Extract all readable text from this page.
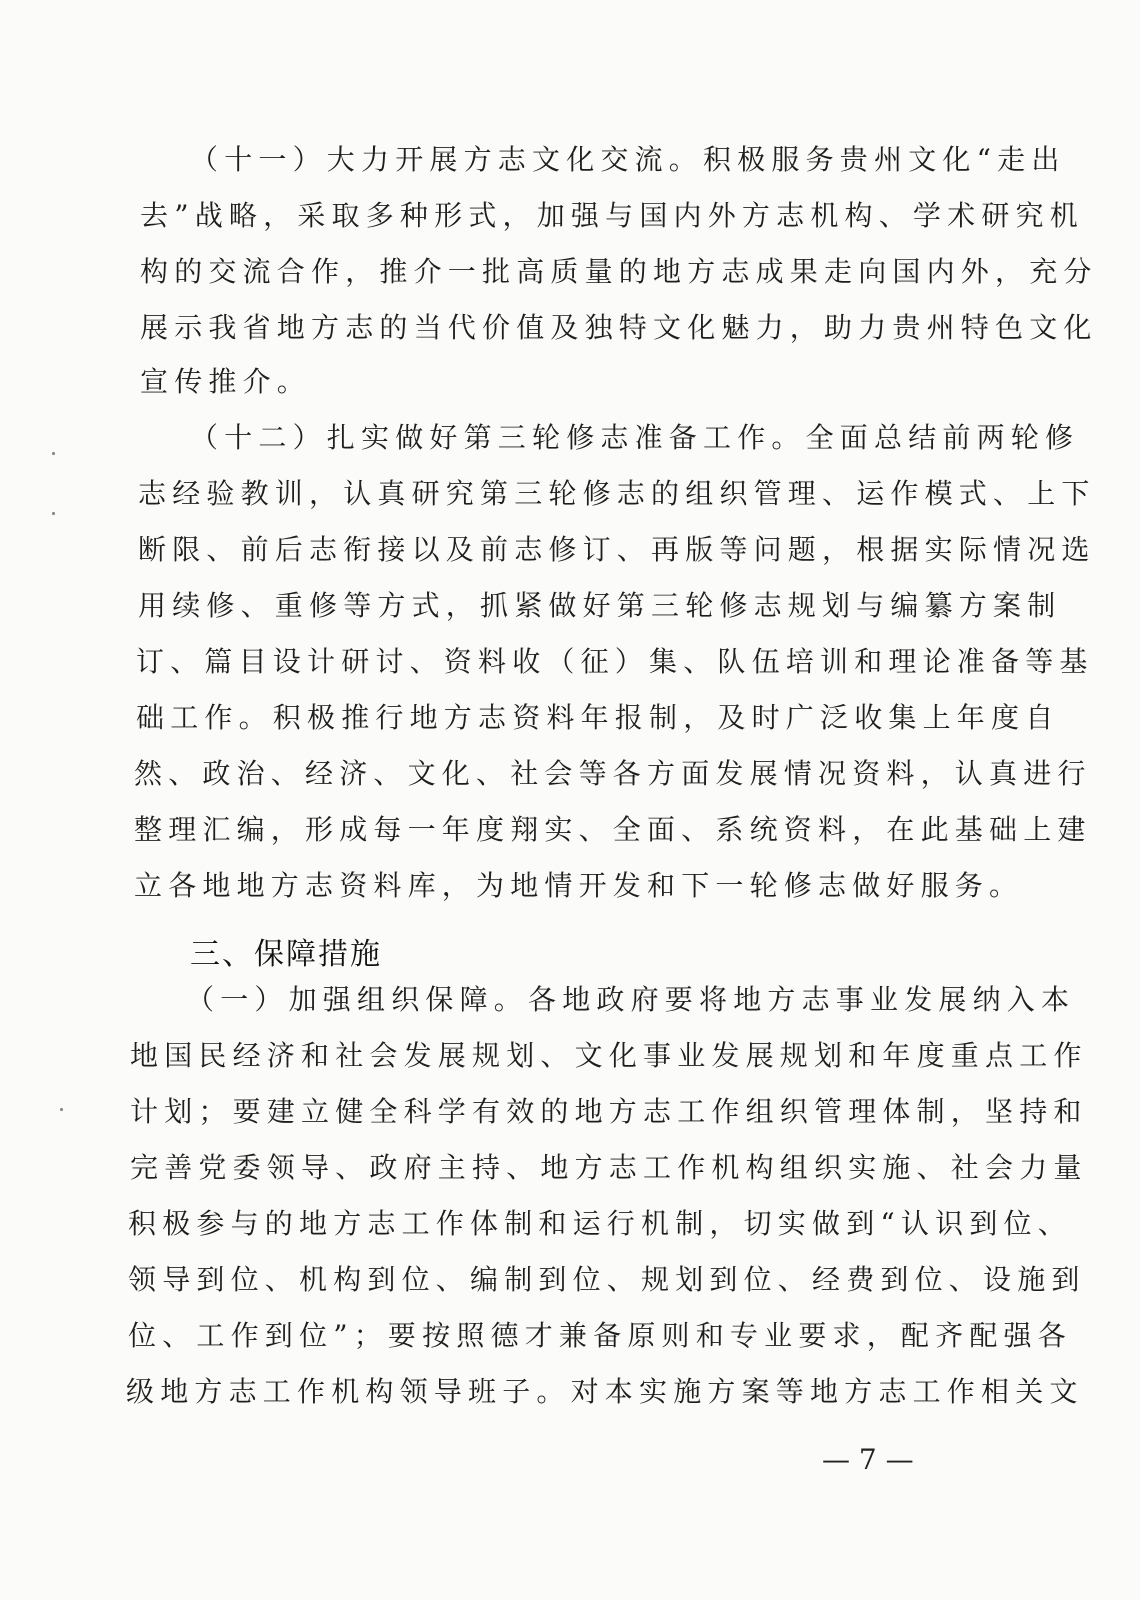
（十一）大力开展方志文化交流。积极服务贵州文化“走出
去”战略，采取多种形式，加强与国内外方志机构、学术研究机
构的交流合作，推介一批高质量的地方志成果走向国内外，充分
展示我省地方志的当代价值及独特文化魅力，助力贵州特色文化
宣传推介。
（十二）扎实做好第三轮修志准备工作。全面总结前两轮修
志经验教训，认真研究第三轮修志的组织管理、运作模式、上下
断限、前后志衔接以及前志修订、再版等问题，根据实际情况选
用续修、重修等方式，抓紧做好第三轮修志规划与编纂方案制
订、篇目设计研讨、资料收（征）集、队伍培训和理论准备等基
础工作。积极推行地方志资料年报制，及时广泛收集上年度自
然、政治、经济、文化、社会等各方面发展情况资料，认真进行
整理汇编，形成每一年度翔实、全面、系统资料，在此基础上建
立各地地方志资料库，为地情开发和下一轮修志做好服务。
三、保障措施
（一）加强组织保障。各地政府要将地方志事业发展纳入本
地国民经济和社会发展规划、文化事业发展规划和年度重点工作
计划；要建立健全科学有效的地方志工作组织管理体制，坚持和
完善党委领导、政府主持、地方志工作机构组织实施、社会力量
积极参与的地方志工作体制和运行机制，切实做到“认识到位、
领导到位、机构到位、编制到位、规划到位、经费到位、设施到
位、工作到位”；要按照德才兼备原则和专业要求，配齐配强各
级地方志工作机构领导班子。对本实施方案等地方志工作相关文
— 7 —
